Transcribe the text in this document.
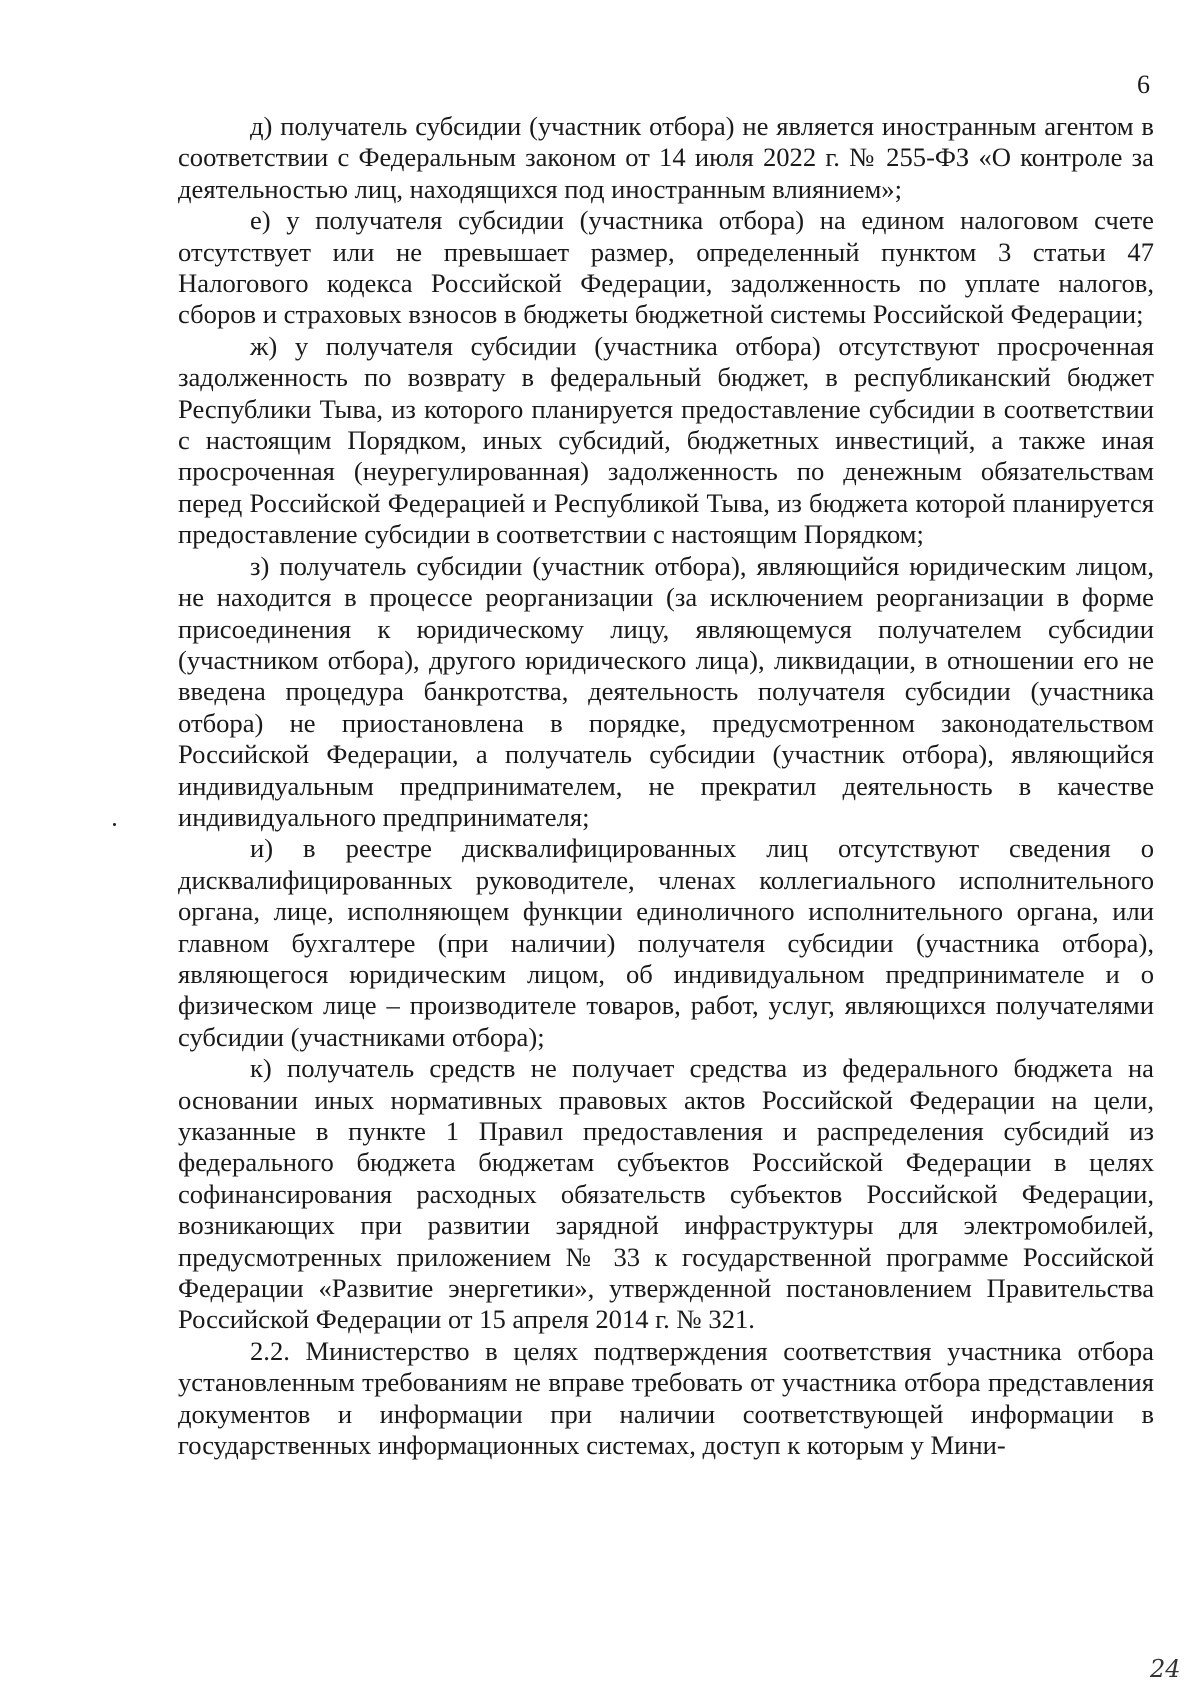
6

д) получатель субсидии (участник отбора) не является иностранным агентом в соответствии с Федеральным законом от 14 июля 2022 г. № 255-ФЗ «О контроле за деятельностью лиц, находящихся под иностранным влиянием»;

е) у получателя субсидии (участника отбора) на едином налоговом счете отсутствует или не превышает размер, определенный пунктом 3 статьи 47 Налогового кодекса Российской Федерации, задолженность по уплате налогов, сборов и страховых взносов в бюджеты бюджетной системы Российской Федерации;

ж) у получателя субсидии (участника отбора) отсутствуют просроченная задолженность по возврату в федеральный бюджет, в республиканский бюджет Республики Тыва, из которого планируется предоставление субсидии в соответствии с настоящим Порядком, иных субсидий, бюджетных инвестиций, а также иная просроченная (неурегулированная) задолженность по денежным обязательствам перед Российской Федерацией и Республикой Тыва, из бюджета которой планируется предоставление субсидии в соответствии с настоящим Порядком;

з) получатель субсидии (участник отбора), являющийся юридическим лицом, не находится в процессе реорганизации (за исключением реорганизации в форме присоединения к юридическому лицу, являющемуся получателем субсидии (участником отбора), другого юридического лица), ликвидации, в отношении его не введена процедура банкротства, деятельность получателя субсидии (участника отбора) не приостановлена в порядке, предусмотренном законодательством Российской Федерации, а получатель субсидии (участник отбора), являющийся индивидуальным предпринимателем, не прекратил деятельность в качестве индивидуального предпринимателя;

и) в реестре дисквалифицированных лиц отсутствуют сведения о дисквалифицированных руководителе, членах коллегиального исполнительного органа, лице, исполняющем функции единоличного исполнительного органа, или главном бухгалтере (при наличии) получателя субсидии (участника отбора), являющегося юридическим лицом, об индивидуальном предпринимателе и о физическом лице – производителе товаров, работ, услуг, являющихся получателями субсидии (участниками отбора);

к) получатель средств не получает средства из федерального бюджета на основании иных нормативных правовых актов Российской Федерации на цели, указанные в пункте 1 Правил предоставления и распределения субсидий из федерального бюджета бюджетам субъектов Российской Федерации в целях софинансирования расходных обязательств субъектов Российской Федерации, возникающих при развитии зарядной инфраструктуры для электромобилей, предусмотренных приложением № 33 к государственной программе Российской Федерации «Развитие энергетики», утвержденной постановлением Правительства Российской Федерации от 15 апреля 2014 г. № 321.

2.2. Министерство в целях подтверждения соответствия участника отбора установленным требованиям не вправе требовать от участника отбора представления документов и информации при наличии соответствующей информации в государственных информационных системах, доступ к которым у Мини-

24
